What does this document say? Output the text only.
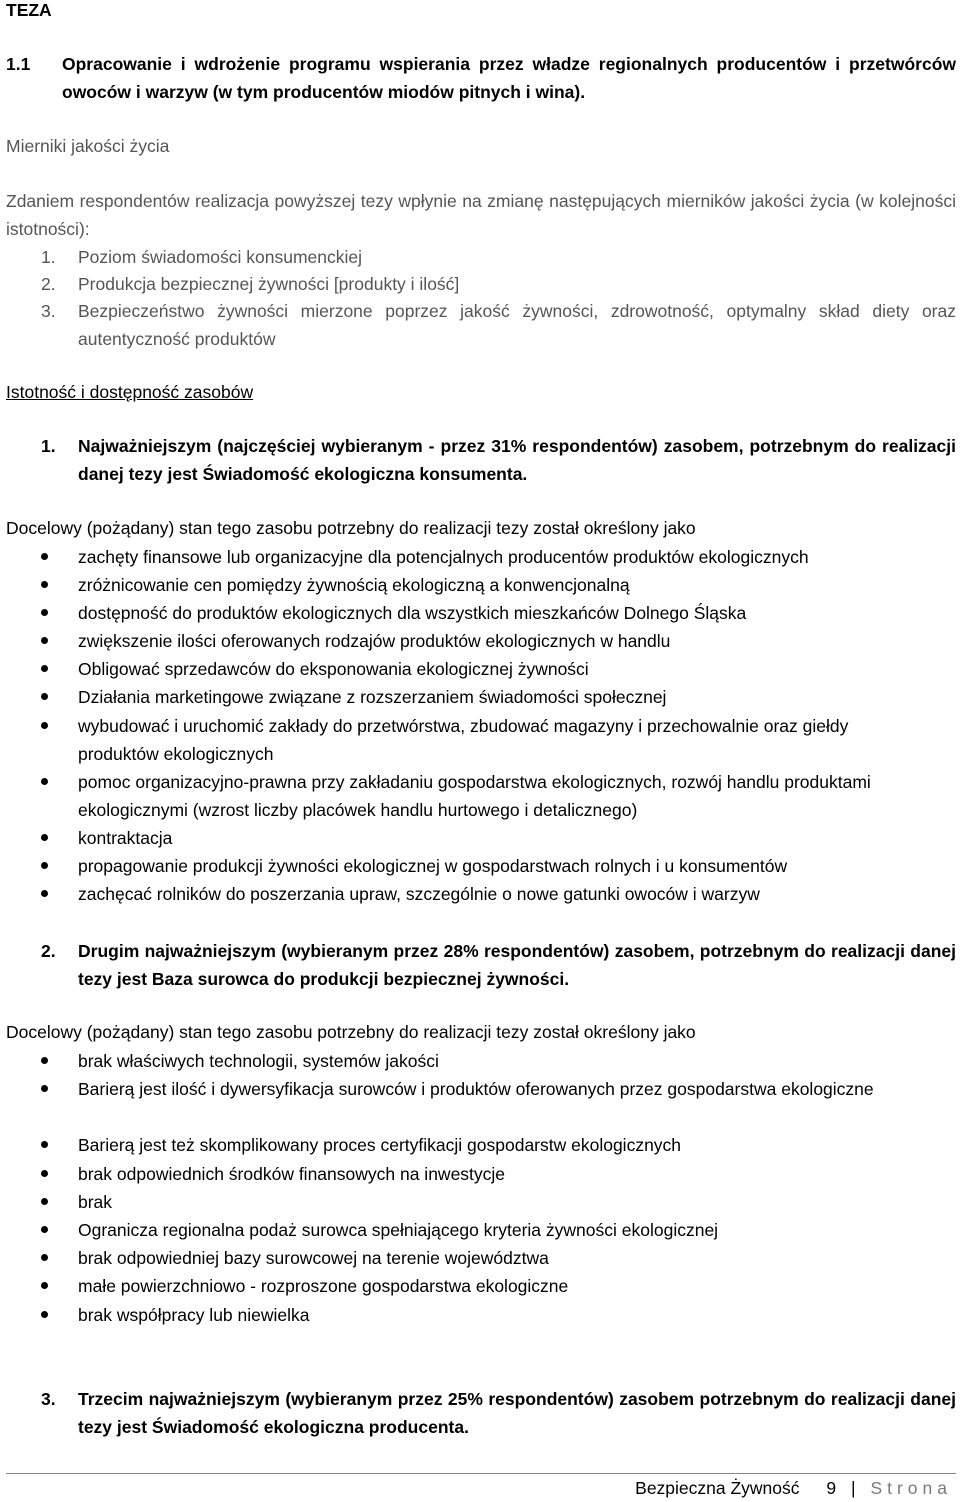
TEZA
1.1 Opracowanie i wdrożenie programu wspierania przez władze regionalnych producentów i przetwórców owoców i warzyw (w tym producentów miodów pitnych i wina).
Mierniki jakości życia
Zdaniem respondentów realizacja powyższej tezy wpłynie na zmianę następujących mierników jakości życia (w kolejności istotności):
1. Poziom świadomości konsumenckiej
2. Produkcja bezpiecznej żywności [produkty i ilość]
3. Bezpieczeństwo żywności mierzone poprzez jakość żywności, zdrowotność, optymalny skład diety oraz autentyczność produktów
Istotność i dostępność zasobów
1. Najważniejszym (najczęściej wybieranym - przez 31% respondentów) zasobem, potrzebnym do realizacji danej tezy jest Świadomość ekologiczna konsumenta.
Docelowy (pożądany) stan tego zasobu potrzebny do realizacji tezy został określony jako
zachęty finansowe lub organizacyjne dla potencjalnych producentów produktów ekologicznych
zróżnicowanie cen pomiędzy żywnością ekologiczną a konwencjonalną
dostępność do produktów ekologicznych dla wszystkich mieszkańców Dolnego Śląska
zwiększenie ilości oferowanych rodzajów produktów ekologicznych w handlu
Obligować sprzedawców do eksponowania ekologicznej żywności
Działania marketingowe związane z rozszerzaniem świadomości społecznej
wybudować i uruchomić zakłady do przetwórstwa, zbudować magazyny i przechowalnie oraz giełdy produktów ekologicznych
pomoc organizacyjno-prawna przy zakładaniu gospodarstwa ekologicznych, rozwój handlu produktami ekologicznymi (wzrost liczby placówek handlu hurtowego i detalicznego)
kontraktacja
propagowanie produkcji żywności ekologicznej w gospodarstwach rolnych i u konsumentów
zachęcać rolników do poszerzania upraw, szczególnie o nowe gatunki owoców i warzyw
2. Drugim najważniejszym (wybieranym przez 28% respondentów) zasobem, potrzebnym do realizacji danej tezy jest Baza surowca do produkcji bezpiecznej żywności.
Docelowy (pożądany) stan tego zasobu potrzebny do realizacji tezy został określony jako
brak właściwych technologii, systemów jakości
Barierą jest ilość i dywersyfikacja surowców i produktów oferowanych przez gospodarstwa ekologiczne
Barierą jest też skomplikowany proces certyfikacji gospodarstw ekologicznych
brak odpowiednich środków finansowych na inwestycje
brak
Ogranicza regionalna podaż surowca spełniającego kryteria żywności ekologicznej
brak odpowiedniej bazy surowcowej na terenie województwa
małe powierzchniowo - rozproszone gospodarstwa ekologiczne
brak współpracy lub niewielka
3. Trzecim najważniejszym (wybieranym przez 25% respondentów) zasobem potrzebnym do realizacji danej tezy jest Świadomość ekologiczna producenta.
Bezpieczna Żywność 9 | Strona
